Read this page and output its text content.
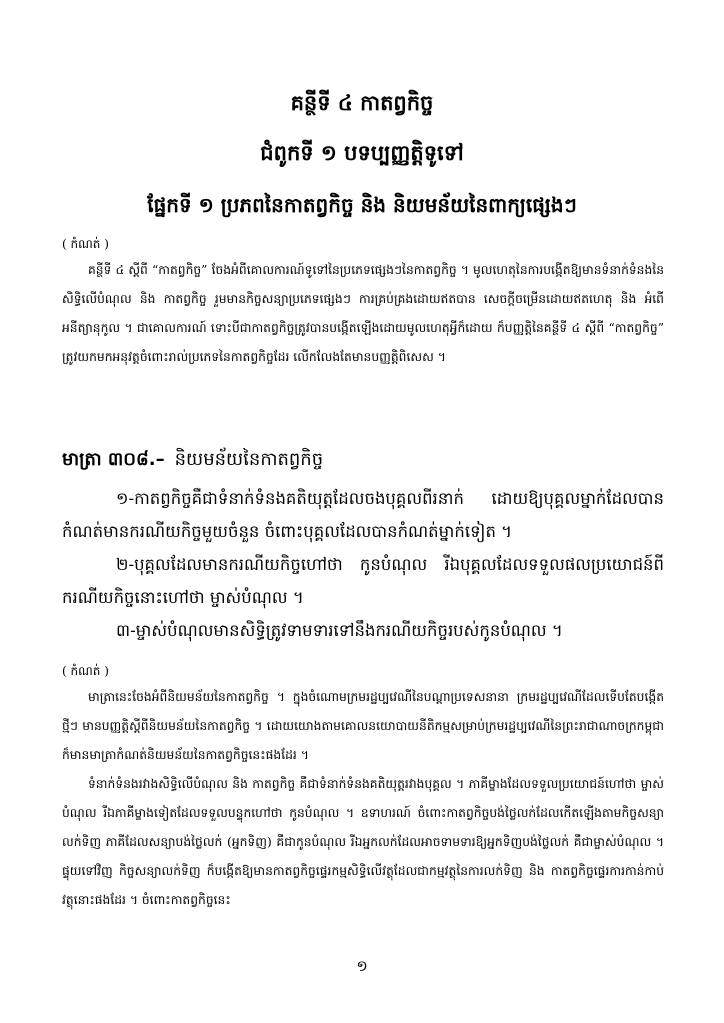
គន្ថីទី ៤ កាតព្វកិច្ច
ជំពូកទី ១ បទប្បញ្ញត្តិទូទៅ
ផ្នែកទី ១ ប្រភពនៃកាតព្វកិច្ច និង និយមន័យនៃពាក្យផ្សេងៗ
( កំណត់ )

គន្ថីទី ៤ ស្តីពី “កាតព្វកិច្ច” ចែងអំពីគោលការណ៍ទូទៅនៃប្រភេទផ្សេងៗនៃកាតព្វកិច្ច ។ មូលហេតុនៃការបង្កើតឱ្យមានទំនាក់ទំនងនៃសិទ្ធិលើបំណុល និង កាតព្វកិច្ច រួមមានកិច្ចសន្យាប្រភេទផ្សេងៗ ការគ្រប់គ្រងដោយឥតបាន សេចក្តីចម្រើនដោយឥតហេតុ និង អំពើអនីត្យានុកូល ។ ជាគោលការណ៍ ទោះបីជាកាតព្វកិច្ចត្រូវបានបង្កើតឡើងដោយមូលហេតុអ្វីក៏ដោយ ក៏បញ្ញត្តិនៃគន្ថីទី ៤ ស្តីពី “កាតព្វកិច្ច” ត្រូវយកមកអនុវត្តចំពោះរាល់ប្រភេទនៃកាតព្វកិច្ចដែរ លើកលែងតែមានបញ្ញត្តិពិសេស ។

មាត្រា ៣០៨.– និយមន័យនៃកាតព្វកិច្ច

១-កាតព្វកិច្ចគឺជាទំនាក់ទំនងគតិយុត្តដែលចងបុគ្គលពីរនាក់ ដោយឱ្យបុគ្គលម្នាក់ដែលបានកំណត់មានករណីយកិច្ចមួយចំនួន ចំពោះបុគ្គលដែលបានកំណត់ម្នាក់ទៀត ។

២-បុគ្គលដែលមានករណីយកិច្ចហៅថា កូនបំណុល រីឯបុគ្គលដែលទទួលផលប្រយោជន៍ពីករណីយកិច្ចនោះហៅថា ម្ចាស់បំណុល ។

៣-ម្ចាស់បំណុលមានសិទ្ធិត្រូវទាមទារទៅនឹងករណីយកិច្ចរបស់កូនបំណុល ។

( កំណត់ )

មាត្រានេះចែងអំពីនិយមន័យនៃកាតព្វកិច្ច ។ ក្នុងចំណោមក្រមរដ្ឋប្បវេណីនៃបណ្តាប្រទេសនានា ក្រមរដ្ឋប្បវេណីដែលទើបតែបង្កើតថ្មីៗ មានបញ្ញត្តិស្តីពីនិយមន័យនៃកាតព្វកិច្ច ។ ដោយយោងតាមគោលនយោបាយនីតិកម្មសម្រាប់ក្រមរដ្ឋប្បវេណីនៃព្រះរាជាណាចក្រកម្ពុជា ក៏មានមាត្រាកំណត់និយមន័យនៃកាតព្វកិច្ចនេះផងដែរ ។

ទំនាក់ទំនងរវាងសិទ្ធិលើបំណុល និង កាតព្វកិច្ច គឺជាទំនាក់ទំនងគតិយុត្តរវាងបុគ្គល ។ ភាគីម្ខាងដែលទទួលប្រយោជន៍ហៅថា ម្ចាស់បំណុល រីឯភាគីម្ខាងទៀតដែលទទួលបន្ទុកហៅថា កូនបំណុល ។ ឧទាហរណ៍ ចំពោះកាតព្វកិច្ចបង់ថ្លៃលក់ដែលកើតឡើងតាមកិច្ចសន្យាលក់ទិញ ភាគីដែលសន្យាបង់ថ្លៃលក់ (អ្នកទិញ) គឺជាកូនបំណុល រីឯអ្នកលក់ដែលអាចទាមទារឱ្យអ្នកទិញបង់ថ្លៃលក់ គឺជាម្ចាស់បំណុល ។ ផ្ទុយទៅវិញ កិច្ចសន្យាលក់ទិញ ក៏បង្កើតឱ្យមានកាតព្វកិច្ចផ្ទេរកម្មសិទ្ធិលើវត្ថុដែលជាកម្មវត្ថុនៃការលក់ទិញ និង កាតព្វកិច្ចផ្ទេរការកាន់កាប់វត្ថុនោះផងដែរ ។ ចំពោះកាតព្វកិច្ចនេះ

១
